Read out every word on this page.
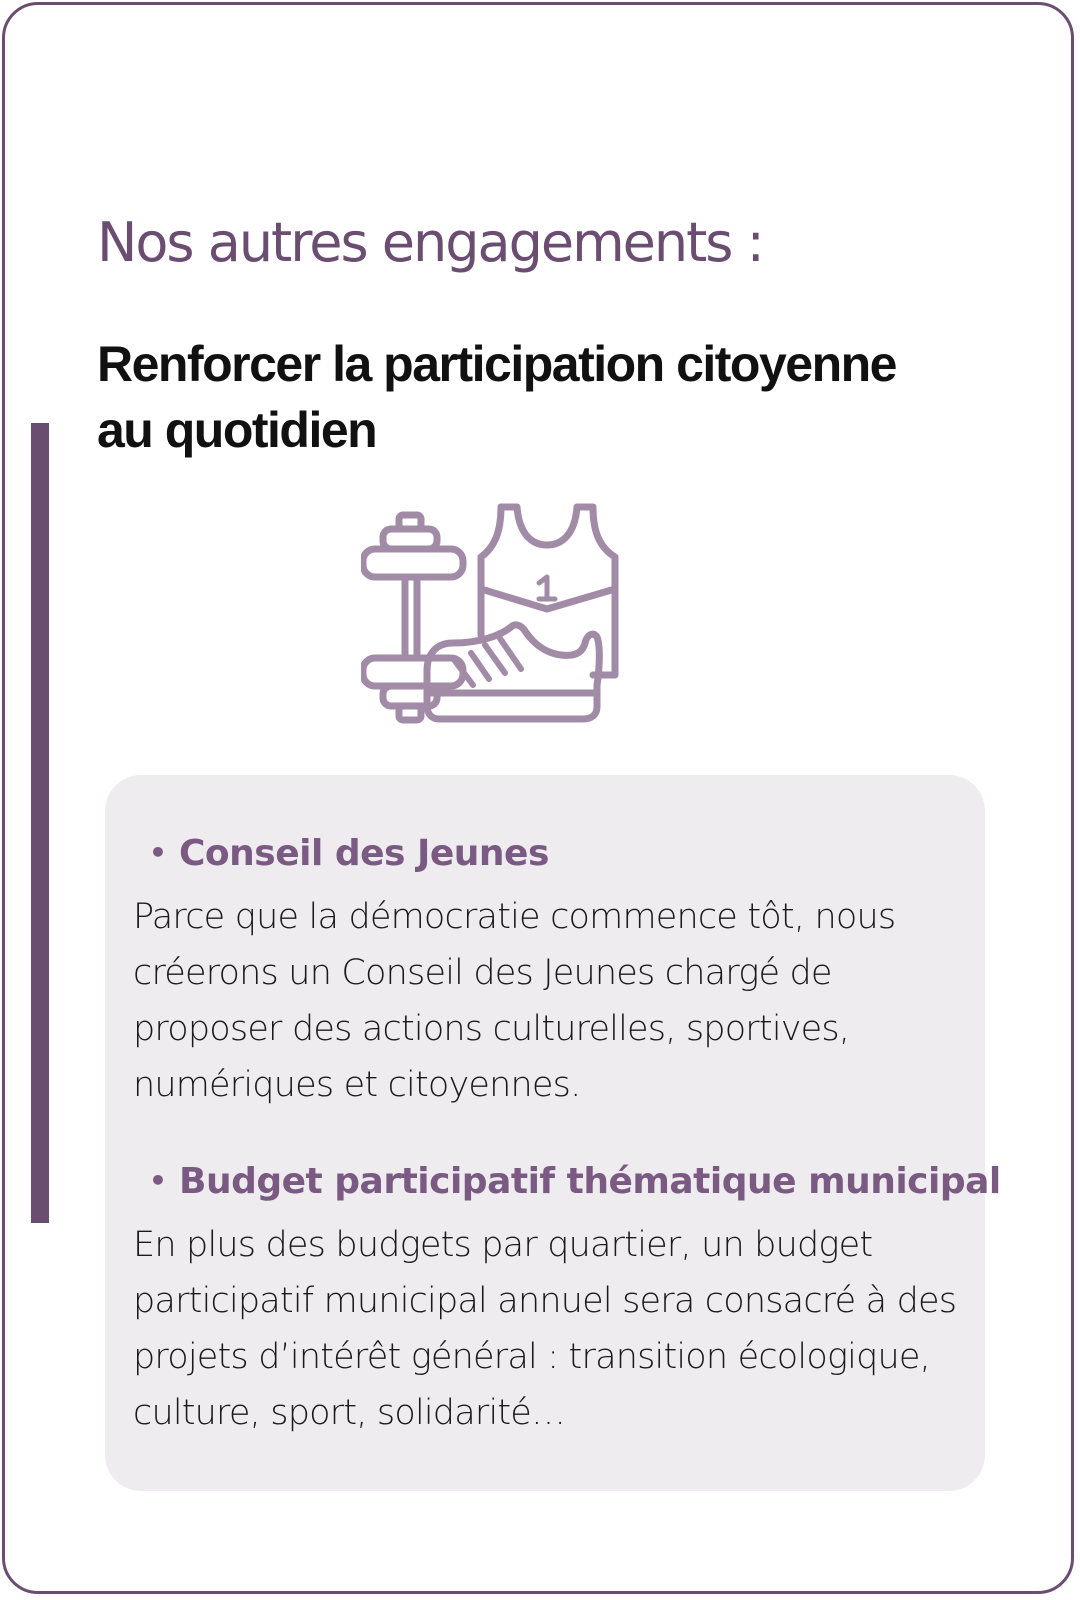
Nos autres engagements :
Renforcer la participation citoyenne au quotidien

• Conseil des Jeunes

Parce que la démocratie commence tôt, nous créerons un Conseil des Jeunes chargé de proposer des actions culturelles, sportives, numériques et citoyennes.

• Budget participatif thématique municipal

En plus des budgets par quartier, un budget participatif municipal annuel sera consacré à des projets d’intérêt général : transition écologique, culture, sport, solidarité…
